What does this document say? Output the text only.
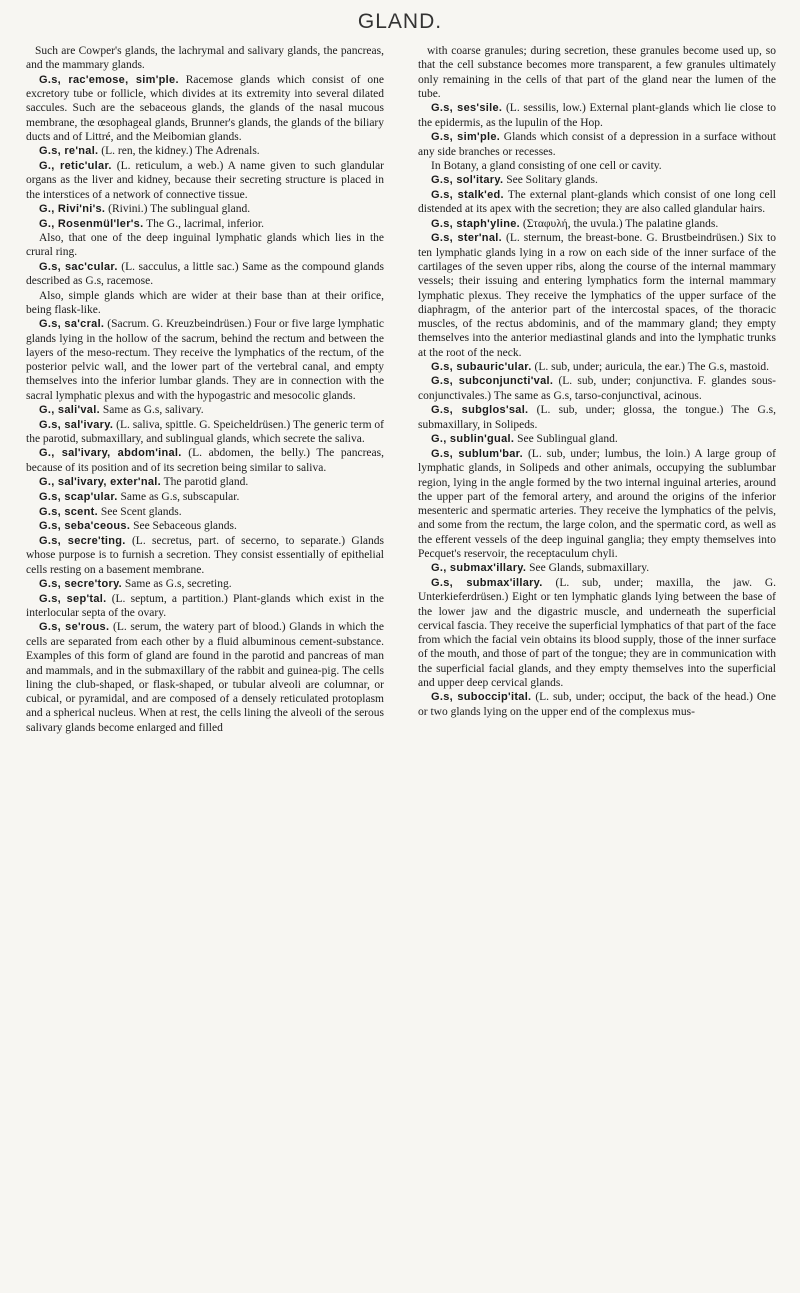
GLAND.

Such are Cowper's glands, the lachrymal and salivary glands, the pancreas, and the mammary glands.

G.s, rac'emose, sim'ple. Racemose glands which consist of one excretory tube or follicle, which divides at its extremity into several dilated saccules. Such are the sebaceous glands, the glands of the nasal mucous membrane, the œsophageal glands, Brunner's glands, the glands of the biliary ducts and of Littré, and the Meibomian glands.

G.s, re'nal. (L. ren, the kidney.) The Adrenals.

G., retic'ular. (L. reticulum, a web.) A name given to such glandular organs as the liver and kidney, because their secreting structure is placed in the interstices of a network of connective tissue.

G., Rivi'ni's. (Rivini.) The sublingual gland.

G., Rosenmül'ler's. The G., lacrimal, inferior.

Also, that one of the deep inguinal lymphatic glands which lies in the crural ring.

G.s, sac'cular. (L. sacculus, a little sac.) Same as the compound glands described as G.s, racemose.

Also, simple glands which are wider at their base than at their orifice, being flask-like.

G.s, sa'cral. (Sacrum. G. Kreuzbeindrüsen.) Four or five large lymphatic glands lying in the hollow of the sacrum, behind the rectum and between the layers of the meso-rectum. They receive the lymphatics of the rectum, of the posterior pelvic wall, and the lower part of the vertebral canal, and empty themselves into the inferior lumbar glands. They are in connection with the sacral lymphatic plexus and with the hypogastric and mesocolic glands.

G., sali'val. Same as G.s, salivary.

G.s, sal'ivary. (L. saliva, spittle. G. Speicheldrüsen.) The generic term of the parotid, submaxillary, and sublingual glands, which secrete the saliva.

G., sal'ivary, abdom'inal. (L. abdomen, the belly.) The pancreas, because of its position and of its secretion being similar to saliva.

G., sal'ivary, exter'nal. The parotid gland.

G.s, scap'ular. Same as G.s, subscapular.

G.s, scent. See Scent glands.

G.s, seba'ceous. See Sebaceous glands.

G.s, secre'ting. (L. secretus, part. of secerno, to separate.) Glands whose purpose is to furnish a secretion. They consist essentially of epithelial cells resting on a basement membrane.

G.s, secre'tory. Same as G.s, secreting.

G.s, sep'tal. (L. septum, a partition.) Plant-glands which exist in the interlocular septa of the ovary.

G.s, se'rous. (L. serum, the watery part of blood.) Glands in which the cells are separated from each other by a fluid albuminous cement-substance. Examples of this form of gland are found in the parotid and pancreas of man and mammals, and in the submaxillary of the rabbit and guinea-pig. The cells lining the club-shaped, or flask-shaped, or tubular alveoli are columnar, or cubical, or pyramidal, and are composed of a densely reticulated protoplasm and a spherical nucleus. When at rest, the cells lining the alveoli of the serous salivary glands become enlarged and filled

with coarse granules; during secretion, these granules become used up, so that the cell substance becomes more transparent, a few granules ultimately only remaining in the cells of that part of the gland near the lumen of the tube.

G.s, ses'sile. (L. sessilis, low.) External plant-glands which lie close to the epidermis, as the lupulin of the Hop.

G.s, sim'ple. Glands which consist of a depression in a surface without any side branches or recesses.

In Botany, a gland consisting of one cell or cavity.

G.s, sol'itary. See Solitary glands.

G.s, stalk'ed. The external plant-glands which consist of one long cell distended at its apex with the secretion; they are also called glandular hairs.

G.s, staph'yline. (Σταφυλή, the uvula.) The palatine glands.

G.s, ster'nal. (L. sternum, the breast-bone. G. Brustbeindrüsen.) Six to ten lymphatic glands lying in a row on each side of the inner surface of the cartilages of the seven upper ribs, along the course of the internal mammary vessels; their issuing and entering lymphatics form the internal mammary lymphatic plexus. They receive the lymphatics of the upper surface of the diaphragm, of the anterior part of the intercostal spaces, of the thoracic muscles, of the rectus abdominis, and of the mammary gland; they empty themselves into the anterior mediastinal glands and into the lymphatic trunks at the root of the neck.

G.s, subauric'ular. (L. sub, under; auricula, the ear.) The G.s, mastoid.

G.s, subconjuncti'val. (L. sub, under; conjunctiva. F. glandes sous-conjunctivales.) The same as G.s, tarso-conjunctival, acinous.

G.s, subglos'sal. (L. sub, under; glossa, the tongue.) The G.s, submaxillary, in Solipeds.

G., sublin'gual. See Sublingual gland.

G.s, sublum'bar. (L. sub, under; lumbus, the loin.) A large group of lymphatic glands, in Solipeds and other animals, occupying the sublumbar region, lying in the angle formed by the two internal inguinal arteries, around the upper part of the femoral artery, and around the origins of the inferior mesenteric and spermatic arteries. They receive the lymphatics of the pelvis, and some from the rectum, the large colon, and the spermatic cord, as well as the efferent vessels of the deep inguinal ganglia; they empty themselves into Pecquet's reservoir, the receptaculum chyli.

G., submax'illary. See Glands, submaxillary.

G.s, submax'illary. (L. sub, under; maxilla, the jaw. G. Unterkieferdrüsen.) Eight or ten lymphatic glands lying between the base of the lower jaw and the digastric muscle, and underneath the superficial cervical fascia. They receive the superficial lymphatics of that part of the face from which the facial vein obtains its blood supply, those of the inner surface of the mouth, and those of part of the tongue; they are in communication with the superficial facial glands, and they empty themselves into the superficial and upper deep cervical glands.

G.s, suboccip'ital. (L. sub, under; occiput, the back of the head.) One or two glands lying on the upper end of the complexus mus-
